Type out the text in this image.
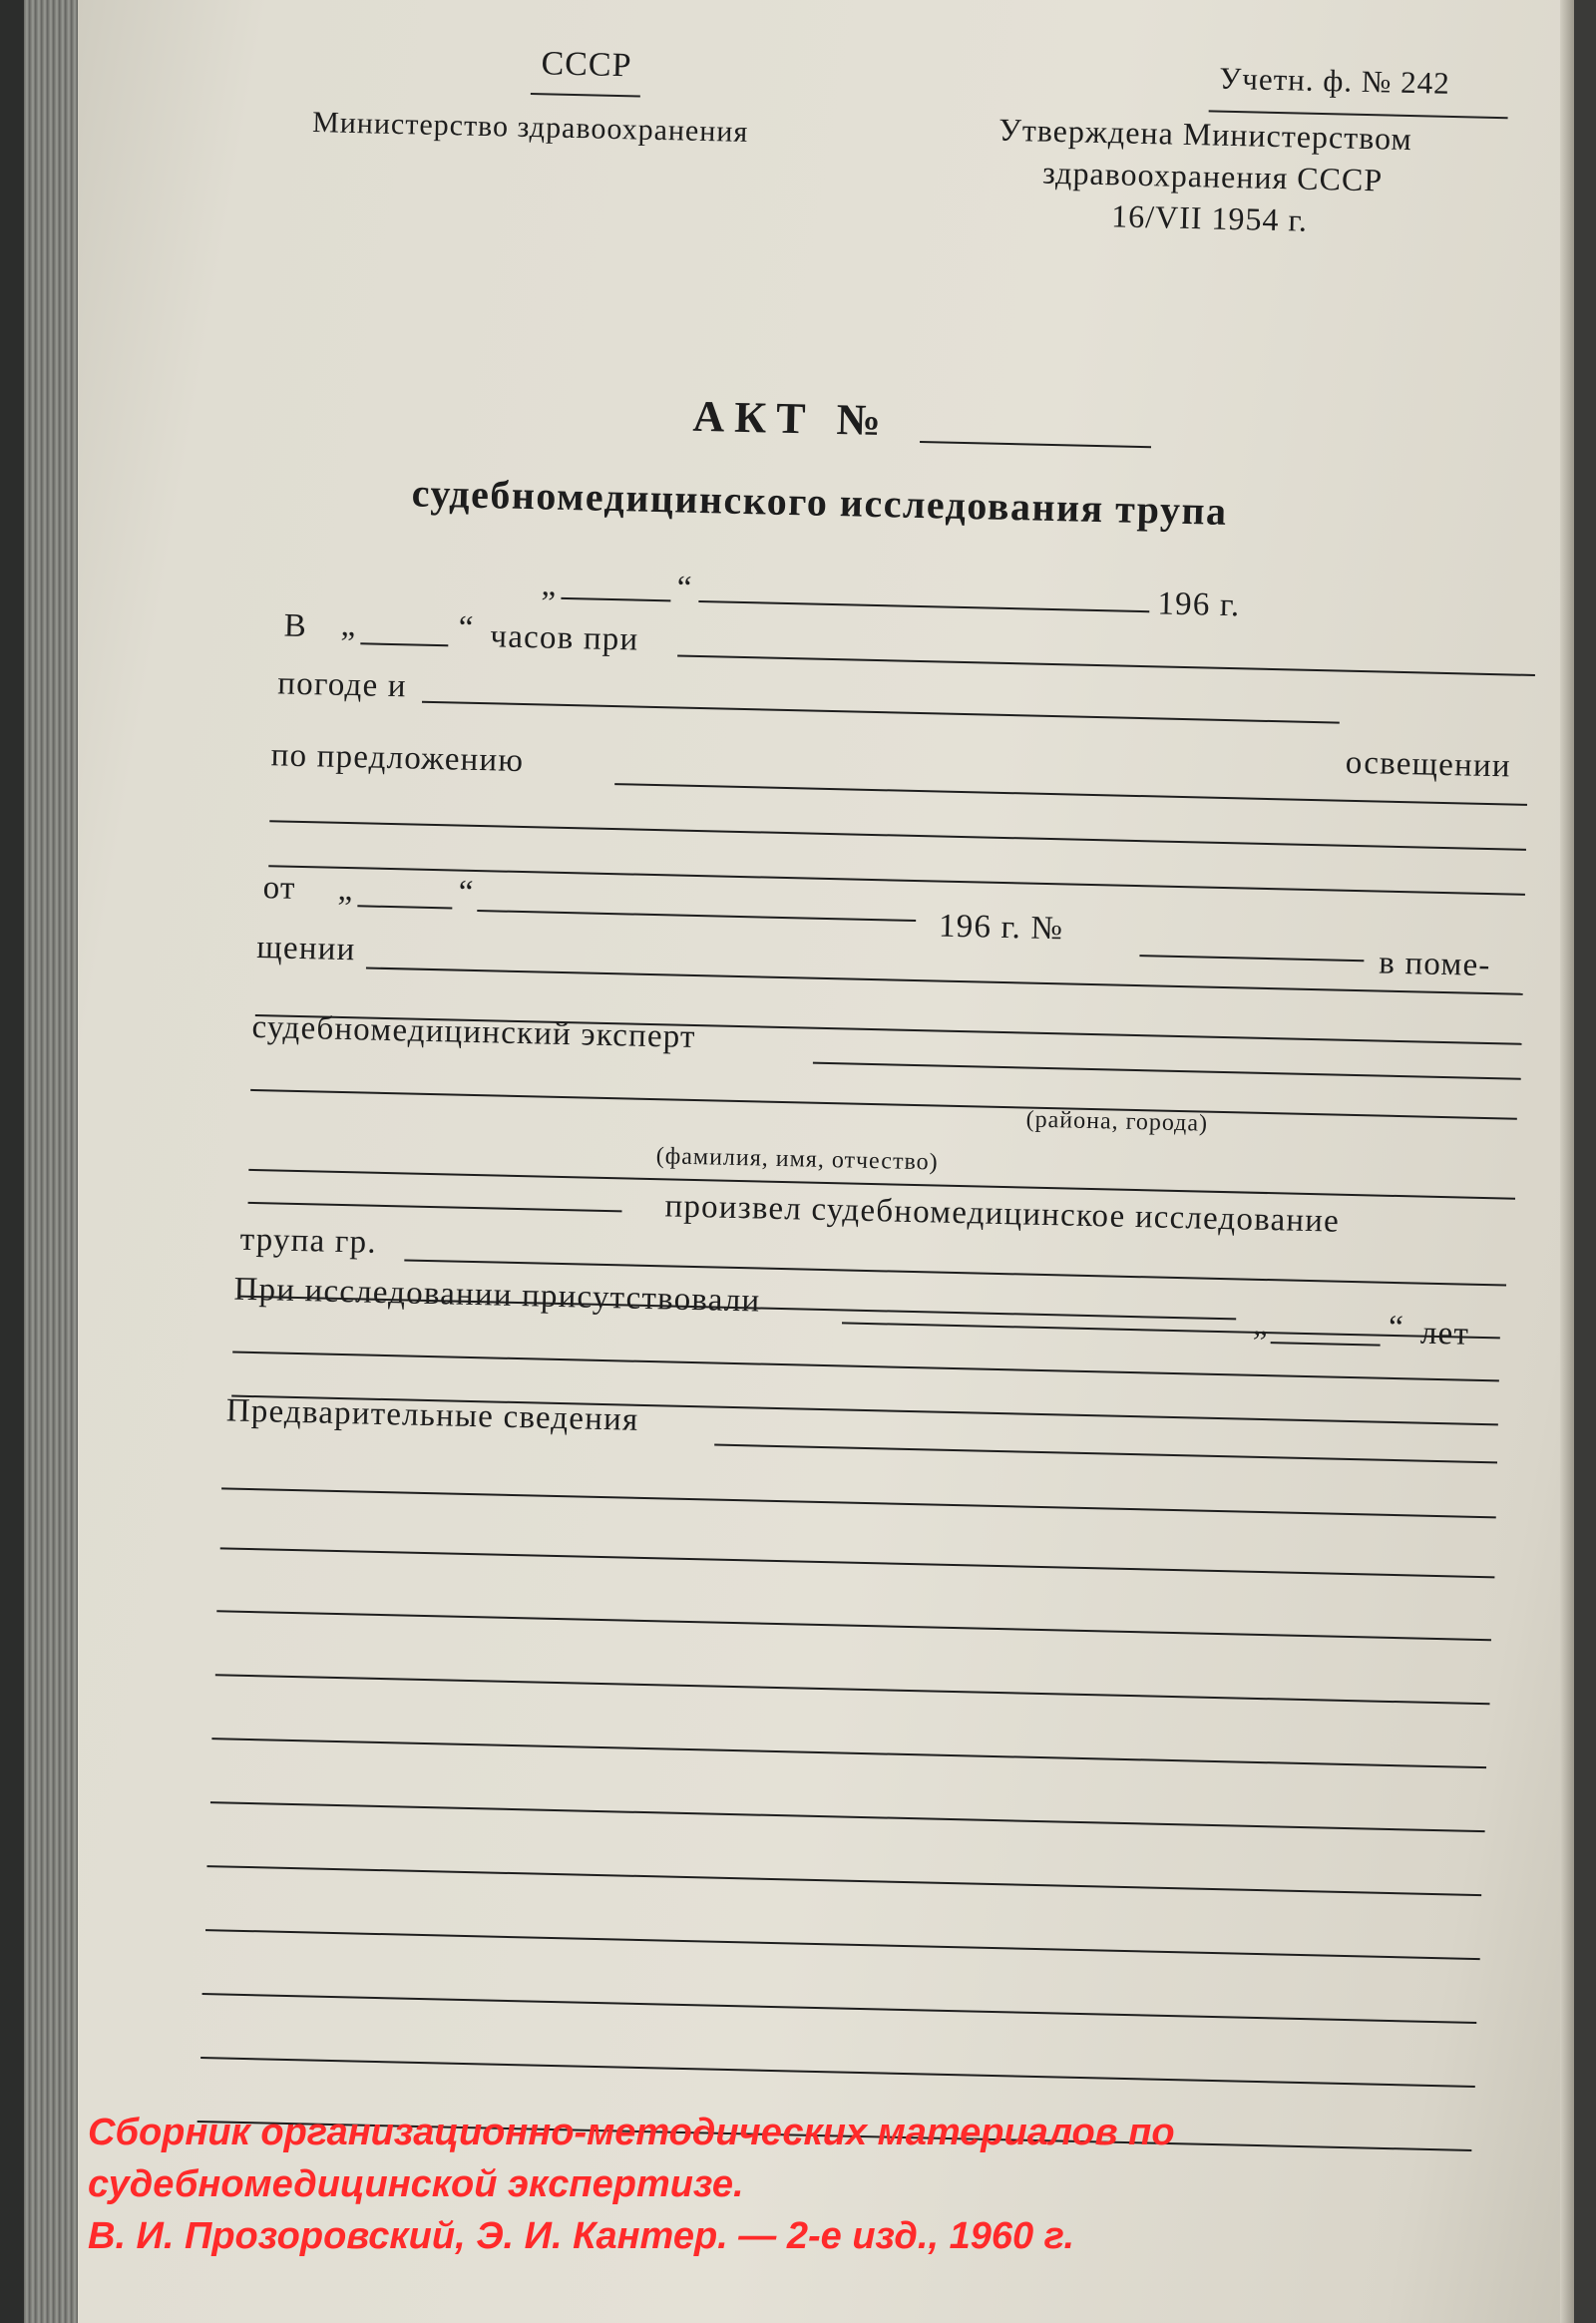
СССР
Министерство здравоохранения
Учетн. ф. № 242
Утверждена Министерством
здравоохранения СССР
16/VII 1954 г.
АКТ №
судебномедицинского исследования трупа
„	“	196 г.
В „	“ часов при
погоде и
освещении
по предложению
от „	“
196 г. №
в поме-
щении
судебномедицинский эксперт
(района, города)
(фамилия, имя, отчество)
произвел судебномедицинское исследование
трупа гр.
„	“ лет
При исследовании присутствовали
Предварительные сведения
Сборник организационно-методических материалов по
судебномедицинской экспертизе.
В. И. Прозоровский, Э. И. Кантер. — 2-е изд., 1960 г.
